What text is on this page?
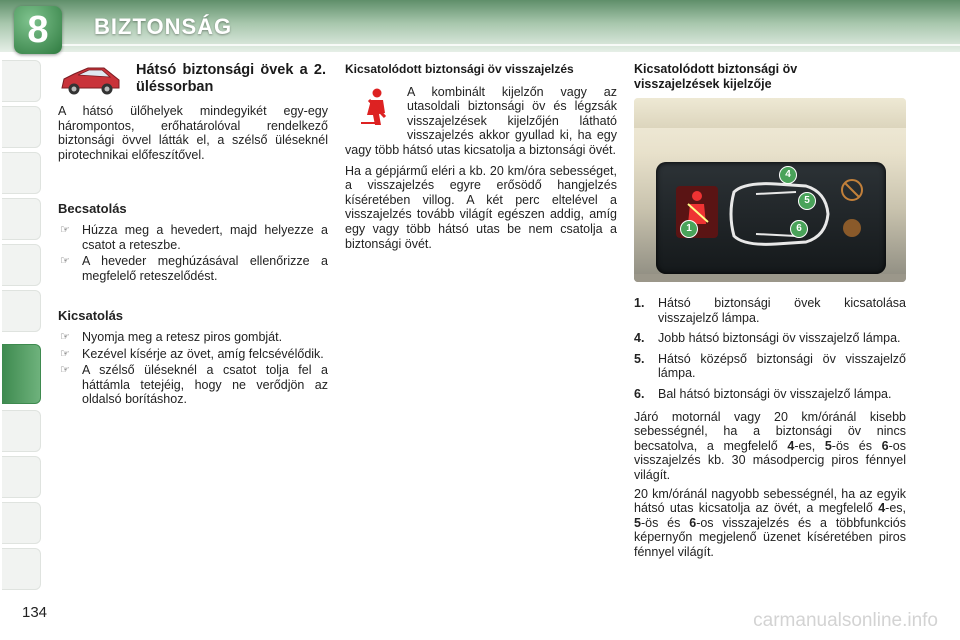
8	BIZTONSÁG
Hátsó biztonsági övek a 2. üléssorban

A hátsó ülőhelyek mindegyikét egy-egy hárompontos, erőhatárolóval rendelkező biztonsági övvel látták el, a szélső üléseknél pirotechnikai előfeszítővel.

Becsatolás

☞ Húzza meg a hevedert, majd helyezze a csatot a reteszbe.
☞ A heveder meghúzásával ellenőrizze a megfelelő reteszelődést.

Kicsatolás

☞ Nyomja meg a retesz piros gombját.
☞ Kezével kísérje az övet, amíg felcsévélődik.
☞ A szélső üléseknél a csatot tolja fel a háttámla tetejéig, hogy ne verődjön az oldalsó borításhoz.

Kicsatolódott biztonsági öv visszajelzés

A kombinált kijelzőn vagy az utasoldali biztonsági öv és légzsák visszajelzések kijelzőjén látható visszajelzés akkor gyullad ki, ha egy vagy több hátsó utas kicsatolja a biztonsági övét.

Ha a gépjármű eléri a kb. 20 km/óra sebességet, a visszajelzés egyre erősödő hangjelzés kíséretében villog. A két perc eltelével a visszajelzés tovább világít egészen addig, amíg egy vagy több hátsó utas be nem csatolja a biztonsági övét.

Kicsatolódott biztonsági öv visszajelzések kijelzője

4
5
1	6
1. Hátsó biztonsági övek kicsatolása visszajelző lámpa.
4. Jobb hátsó biztonsági öv visszajelző lámpa.
5. Hátsó középső biztonsági öv visszajelző lámpa.
6. Bal hátsó biztonsági öv visszajelző lámpa.

Járó motornál vagy 20 km/óránál kisebb sebességnél, ha a biztonsági öv nincs becsatolva, a megfelelő 4-es, 5-ös és 6-os visszajelzés kb. 30 másodpercig piros fénnyel világít.

20 km/óránál nagyobb sebességnél, ha az egyik hátsó utas kicsatolja az övét, a megfelelő 4-es, 5-ös és 6-os visszajelzés és a többfunkciós képernyőn megjelenő üzenet kíséretében piros fénnyel világít.

134	carmanualsonline.info
